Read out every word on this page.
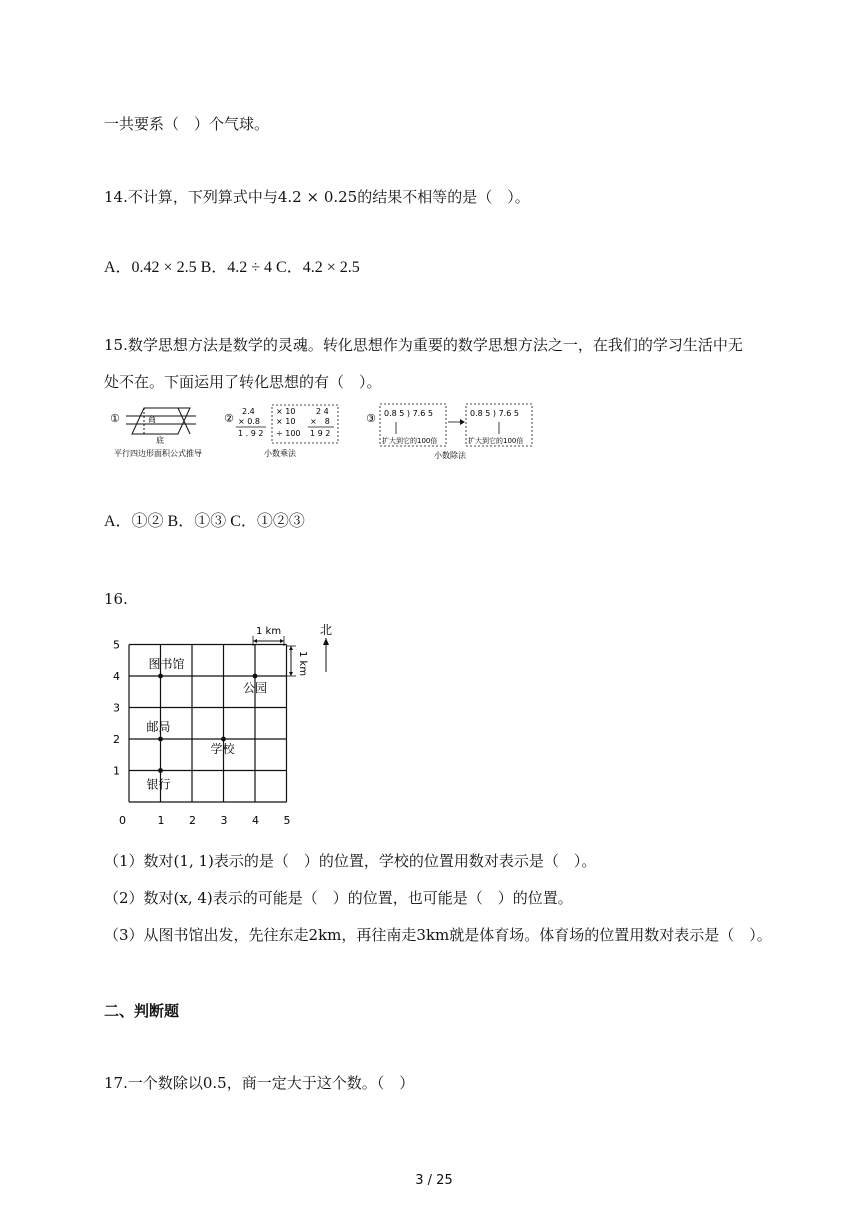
一共要系（　）个气球。
14.不计算，下列算式中与4.2 × 0.25的结果不相等的是（　）。
A．0.42 × 2.5 B．4.2 ÷ 4 C．4.2 × 2.5
15.数学思想方法是数学的灵魂。转化思想作为重要的数学思想方法之一，在我们的学习生活中无
处不在。下面运用了转化思想的有（　）。
①	商
底
平行四边形面积公式推导
②
2.4
× 0.8
1 . 9 2
× 10
× 10
÷ 100
2 4
×　8
1 9 2
小数乘法
③ 0.8 5 ) 7.6 5
扩大到它的100倍
0.8 5 ) 7.6 5
扩大到它的100倍
小数除法
A．①② B．①③ C．①②③
16.
0	1 2 3 4 5
1
2
3
4
5
图书馆
公园
邮局
学校
银行
1 km
1 km
北
（1）数对(1, 1)表示的是（　）的位置，学校的位置用数对表示是（　）。
（2）数对(x, 4)表示的可能是（　）的位置，也可能是（　）的位置。
（3）从图书馆出发，先往东走2km，再往南走3km就是体育场。体育场的位置用数对表示是（　）。
二、判断题
17.一个数除以0.5，商一定大于这个数。（　）
3 / 25
